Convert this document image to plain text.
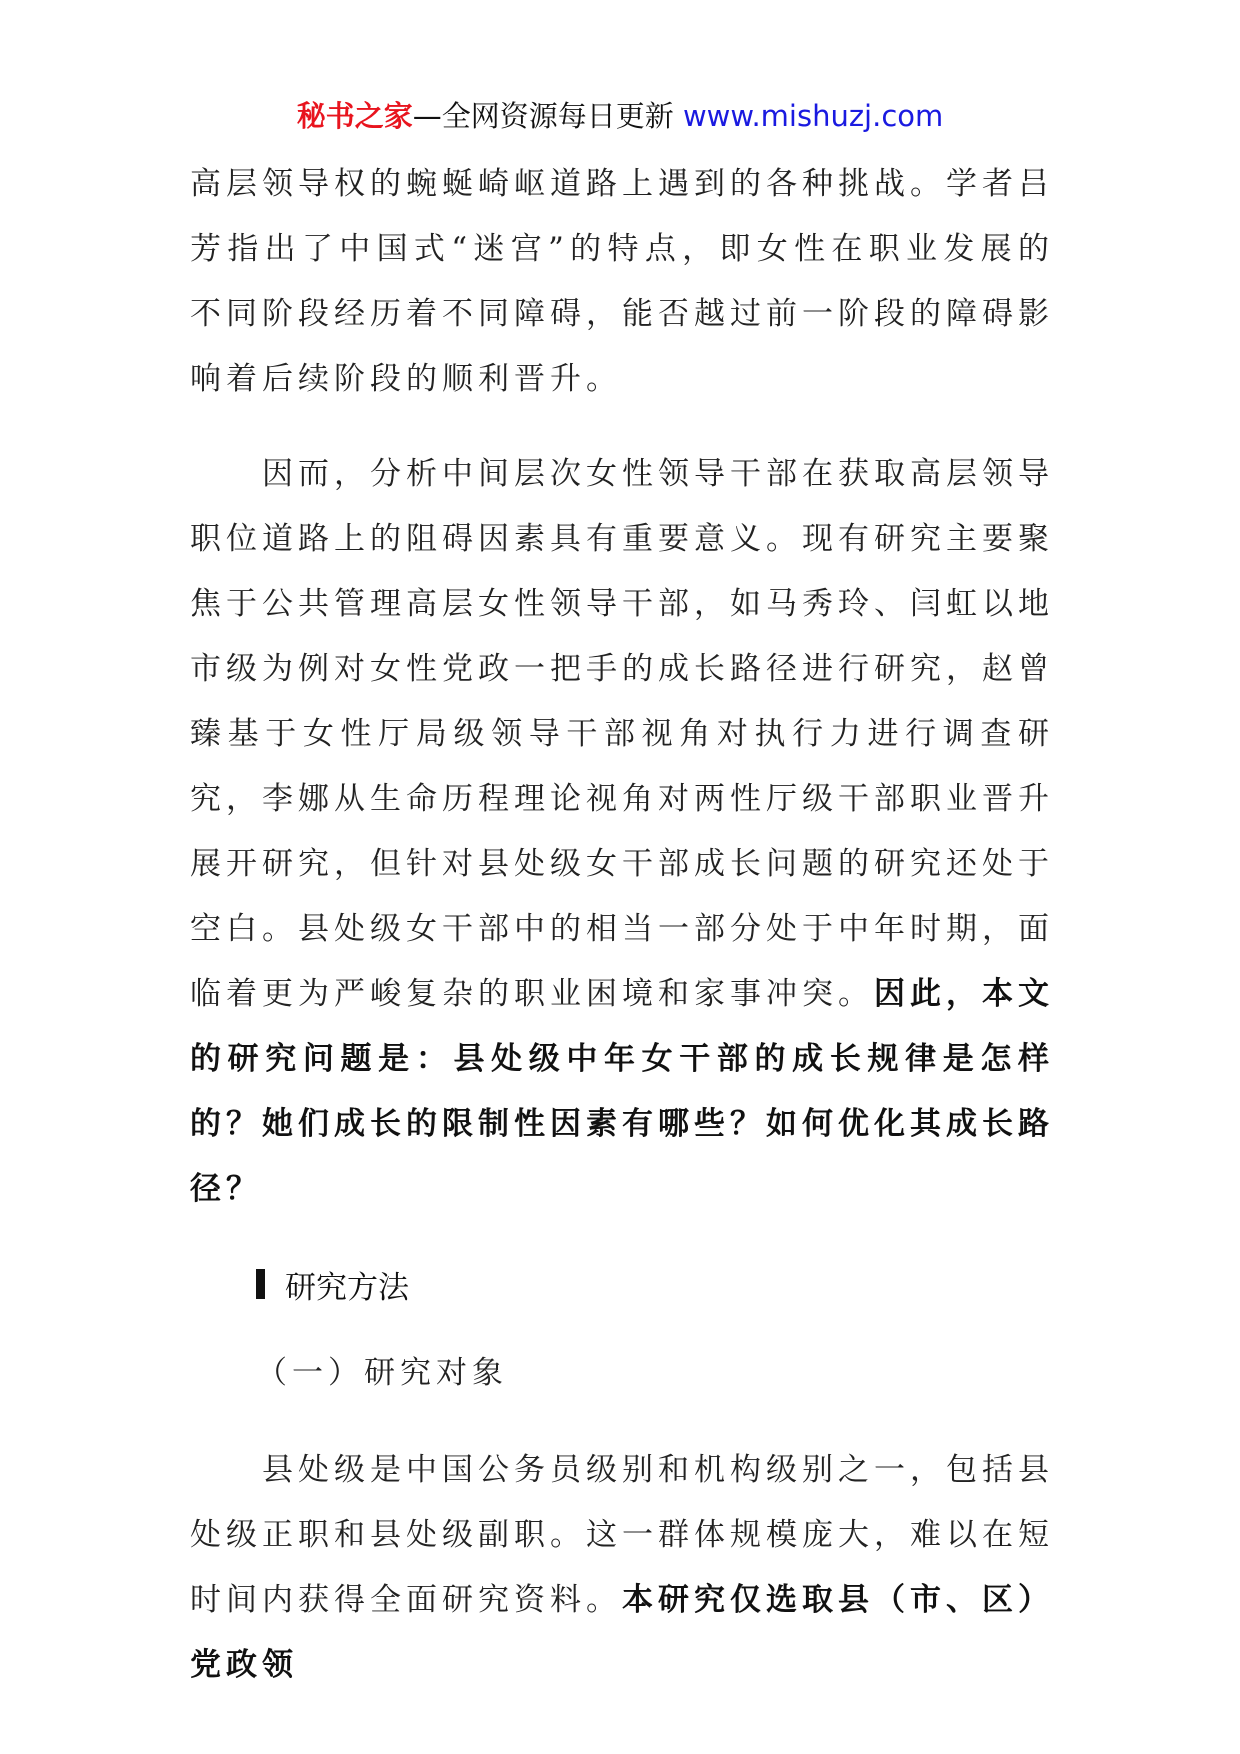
秘书之家—全网资源每日更新 www.mishuzj.com

高层领导权的蜿蜒崎岖道路上遇到的各种挑战。学者吕芳指出了中国式“迷宫”的特点，即女性在职业发展的不同阶段经历着不同障碍，能否越过前一阶段的障碍影响着后续阶段的顺利晋升。

因而，分析中间层次女性领导干部在获取高层领导职位道路上的阻碍因素具有重要意义。现有研究主要聚焦于公共管理高层女性领导干部，如马秀玲、闫虹以地市级为例对女性党政一把手的成长路径进行研究，赵曾臻基于女性厅局级领导干部视角对执行力进行调查研究，李娜从生命历程理论视角对两性厅级干部职业晋升展开研究，但针对县处级女干部成长问题的研究还处于空白。县处级女干部中的相当一部分处于中年时期，面临着更为严峻复杂的职业困境和家事冲突。因此，本文的研究问题是：县处级中年女干部的成长规律是怎样的？她们成长的限制性因素有哪些？如何优化其成长路径？

研究方法
（一）研究对象

县处级是中国公务员级别和机构级别之一，包括县处级正职和县处级副职。这一群体规模庞大，难以在短时间内获得全面研究资料。本研究仅选取县（市、区）党政领
